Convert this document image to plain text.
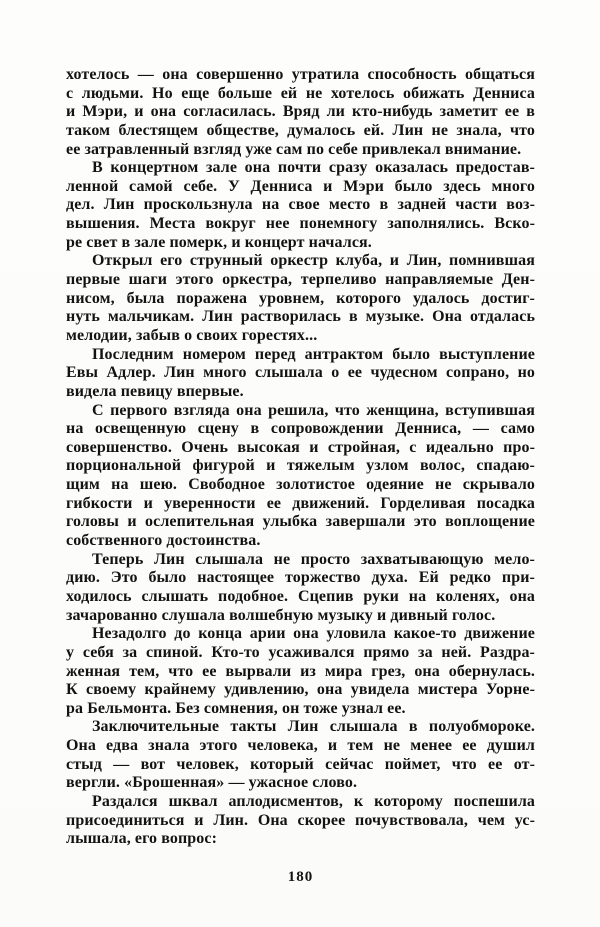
хотелось — она совершенно утратила способность общаться
с людьми. Но еще больше ей не хотелось обижать Денниса
и Мэри, и она согласилась. Вряд ли кто-нибудь заметит ее в
таком блестящем обществе, думалось ей. Лин не знала, что
ее затравленный взгляд уже сам по себе привлекал внимание.
В концертном зале она почти сразу оказалась предостав-
ленной самой себе. У Денниса и Мэри было здесь много
дел. Лин проскользнула на свое место в задней части воз-
вышения. Места вокруг нее понемногу заполнялись. Вско-
ре свет в зале померк, и концерт начался.
Открыл его струнный оркестр клуба, и Лин, помнившая
первые шаги этого оркестра, терпеливо направляемые Ден-
нисом, была поражена уровнем, которого удалось достиг-
нуть мальчикам. Лин растворилась в музыке. Она отдалась
мелодии, забыв о своих горестях...
Последним номером перед антрактом было выступление
Евы Адлер. Лин много слышала о ее чудесном сопрано, но
видела певицу впервые.
С первого взгляда она решила, что женщина, вступившая
на освещенную сцену в сопровождении Денниса, — само
совершенство. Очень высокая и стройная, с идеально про-
порциональной фигурой и тяжелым узлом волос, спадаю-
щим на шею. Свободное золотистое одеяние не скрывало
гибкости и уверенности ее движений. Горделивая посадка
головы и ослепительная улыбка завершали это воплощение
собственного достоинства.
Теперь Лин слышала не просто захватывающую мело-
дию. Это было настоящее торжество духа. Ей редко при-
ходилось слышать подобное. Сцепив руки на коленях, она
зачарованно слушала волшебную музыку и дивный голос.
Незадолго до конца арии она уловила какое-то движение
у себя за спиной. Кто-то усаживался прямо за ней. Раздра-
женная тем, что ее вырвали из мира грез, она обернулась.
К своему крайнему удивлению, она увидела мистера Уорне-
ра Бельмонта. Без сомнения, он тоже узнал ее.
Заключительные такты Лин слышала в полуобмороке.
Она едва знала этого человека, и тем не менее ее душил
стыд — вот человек, который сейчас поймет, что ее от-
вергли. «Брошенная» — ужасное слово.
Раздался шквал аплодисментов, к которому поспешила
присоединиться и Лин. Она скорее почувствовала, чем ус-
лышала, его вопрос:
180
